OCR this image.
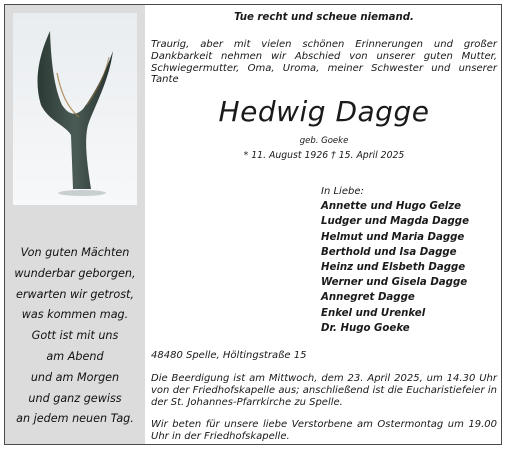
Von guten Mächten
wunderbar geborgen,
erwarten wir getrost,
was kommen mag.
Gott ist mit uns
am Abend
und am Morgen
und ganz gewiss
an jedem neuen Tag.
Tue recht und scheue niemand.
Traurig, aber mit vielen schönen Erinnerungen und großer Dankbarkeit nehmen wir Abschied von unserer guten Mutter, Schwiegermutter, Oma, Uroma, meiner Schwester und unserer Tante
Hedwig Dagge
geb. Goeke
* 11. August 1926 † 15. April 2025
In Liebe:
Annette und Hugo Gelze
Ludger und Magda Dagge
Helmut und Maria Dagge
Berthold und Isa Dagge
Heinz und Elsbeth Dagge
Werner und Gisela Dagge
Annegret Dagge
Enkel und Urenkel
Dr. Hugo Goeke
48480 Spelle, Höltingstraße 15
Die Beerdigung ist am Mittwoch, dem 23. April 2025, um 14.30 Uhr von der Friedhofskapelle aus; anschließend ist die Eucharistiefeier in der St. Johannes-Pfarrkirche zu Spelle.
Wir beten für unsere liebe Verstorbene am Ostermontag um 19.00 Uhr in der Friedhofskapelle.
